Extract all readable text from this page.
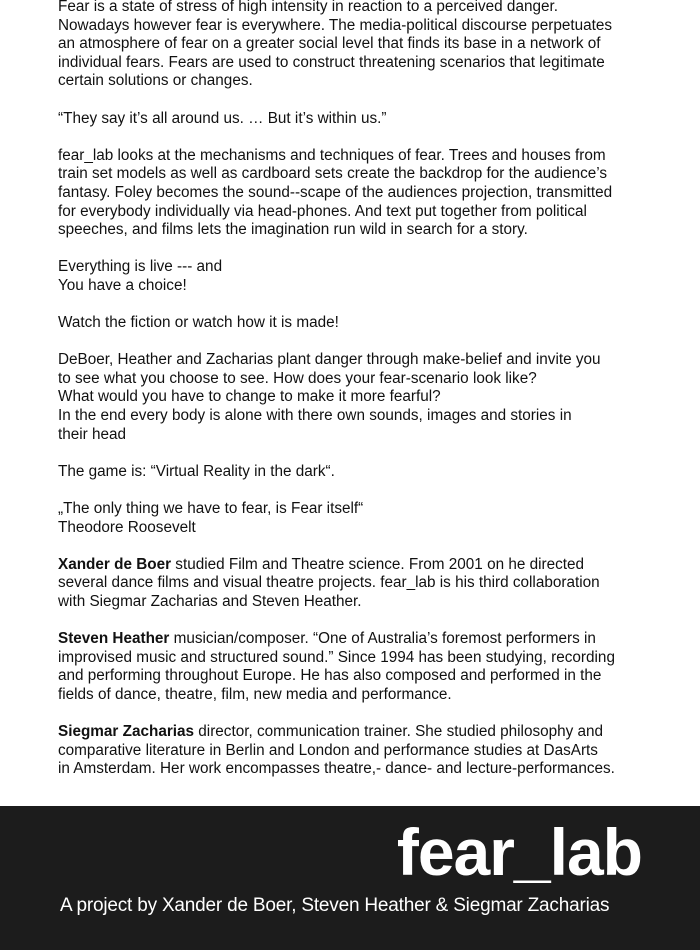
Fear is a state of stress of high intensity in reaction to a perceived danger.
Nowadays however fear is everywhere. The media-political discourse perpetuates
an atmosphere of fear on a greater social level that finds its base in a network of
individual fears. Fears are used to construct threatening scenarios that legitimate
certain solutions or changes.

“They say it’s all around us. … But it’s within us.”

fear_lab looks at the mechanisms and techniques of fear. Trees and houses from
train set models as well as cardboard sets create the backdrop for the audience’s
fantasy. Foley becomes the sound--scape of the audiences projection, transmitted
for everybody individually via head-phones. And text put together from political
speeches, and films lets the imagination run wild in search for a story.

Everything is live --- and
You have a choice!

Watch the fiction or watch how it is made!

DeBoer, Heather and Zacharias plant danger through make-belief and invite you
to see what you choose to see. How does your fear-scenario look like?
What would you have to change to make it more fearful?
In the end every body is alone with there own sounds, images and stories in
their head

The game is: “Virtual Reality in the dark“.

„The only thing we have to fear, is Fear itself“
Theodore Roosevelt

Xander de Boer studied Film and Theatre science. From 2001 on he directed
several dance films and visual theatre projects. fear_lab is his third collaboration
with Siegmar Zacharias and Steven Heather.

Steven Heather musician/composer. “One of Australia’s foremost performers in
improvised music and structured sound.” Since 1994 has been studying, recording
and performing throughout Europe. He has also composed and performed in the
fields of dance, theatre, film, new media and performance.

Siegmar Zacharias director, communication trainer. She studied philosophy and
comparative literature in Berlin and London and performance studies at DasArts
in Amsterdam. Her work encompasses theatre,- dance- and lecture-performances.

fear_lab
A project by Xander de Boer, Steven Heather & Siegmar Zacharias
